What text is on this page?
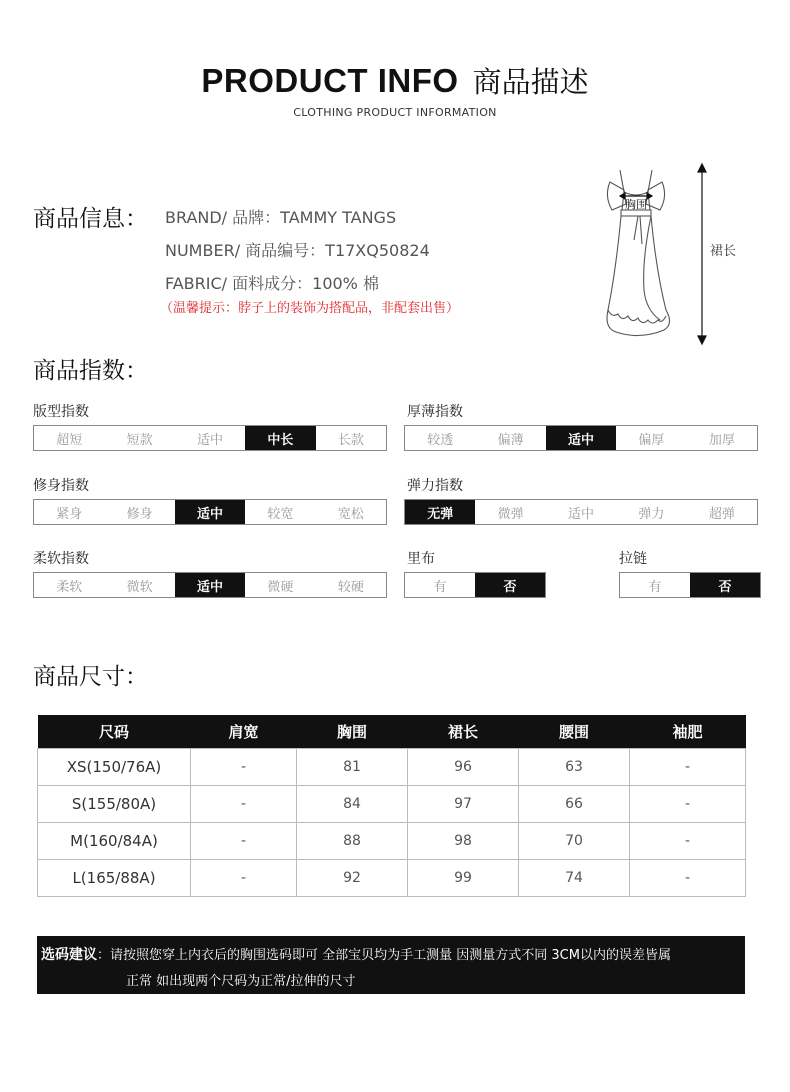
PRODUCT INFO 商品描述
CLOTHING PRODUCT INFORMATION
商品信息： BRAND/ 品牌：TAMMY TANGS
NUMBER/ 商品编号：T17XQ50824
FABRIC/ 面料成分：100% 棉
（温馨提示：脖子上的装饰为搭配品，非配套出售）
胸围
裙长
商品指数：
版型指数
超短	短款	适中	中长	长款
厚薄指数
较透	偏薄	适中	偏厚	加厚
修身指数
紧身	修身	适中	较宽	宽松
弹力指数
无弹	微弹	适中	弹力	超弹
柔软指数
柔软	微软	适中	微硬	较硬
里布
有	否
拉链
有	否
商品尺寸：
尺码	肩宽	胸围	裙长	腰围	袖肥
XS(150/76A)	-	81	96	63	-
S(155/80A)	-	84	97	66	-
M(160/84A)	-	88	98	70	-
L(165/88A)	-	92	99	74	-
选码建议：请按照您穿上内衣后的胸围选码即可 全部宝贝均为手工测量 因测量方式不同 3CM以内的误差皆属
正常 如出现两个尺码为正常/拉伸的尺寸
